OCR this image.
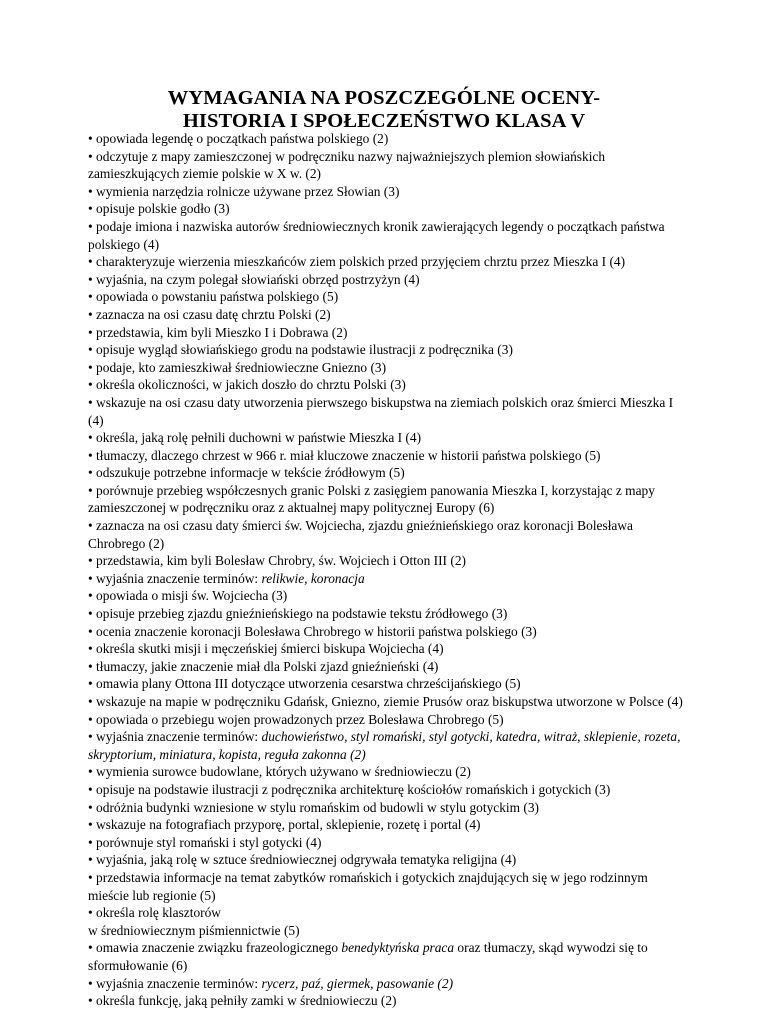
WYMAGANIA NA POSZCZEGÓLNE OCENY-
HISTORIA I SPOŁECZEŃSTWO KLASA V
• opowiada legendę o początkach państwa polskiego (2)
• odczytuje z mapy zamieszczonej w podręczniku nazwy najważniejszych plemion słowiańskich zamieszkujących ziemie polskie w X w. (2)
• wymienia narzędzia rolnicze używane przez Słowian (3)
• opisuje polskie godło (3)
• podaje imiona i nazwiska autorów średniowiecznych kronik zawierających legendy o początkach państwa polskiego (4)
• charakteryzuje wierzenia mieszkańców ziem polskich przed przyjęciem chrztu przez Mieszka I (4)
• wyjaśnia, na czym polegał słowiański obrzęd postrzyżyn (4)
• opowiada o powstaniu państwa polskiego (5)
• zaznacza na osi czasu datę chrztu Polski (2)
• przedstawia, kim byli Mieszko I i Dobrawa (2)
• opisuje wygląd słowiańskiego grodu na podstawie ilustracji z podręcznika (3)
• podaje, kto zamieszkiwał średniowieczne Gniezno (3)
• określa okoliczności, w jakich doszło do chrztu Polski (3)
• wskazuje na osi czasu daty utworzenia pierwszego biskupstwa na ziemiach polskich oraz śmierci Mieszka I (4)
• określa, jaką rolę pełnili duchowni w państwie Mieszka I (4)
• tłumaczy, dlaczego chrzest w 966 r. miał kluczowe znaczenie w historii państwa polskiego (5)
• odszukuje potrzebne informacje w tekście źródłowym (5)
• porównuje przebieg współczesnych granic Polski z zasięgiem panowania Mieszka I, korzystając z mapy zamieszczonej w podręczniku oraz z aktualnej mapy politycznej Europy (6)
• zaznacza na osi czasu daty śmierci św. Wojciecha, zjazdu gnieźnieńskiego oraz koronacji Bolesława Chrobrego (2)
• przedstawia, kim byli Bolesław Chrobry, św. Wojciech i Otton III (2)
• wyjaśnia znaczenie terminów: relikwie, koronacja
• opowiada o misji św. Wojciecha (3)
• opisuje przebieg zjazdu gnieźnieńskiego na podstawie tekstu źródłowego (3)
• ocenia znaczenie koronacji Bolesława Chrobrego w historii państwa polskiego (3)
• określa skutki misji i męczeńskiej śmierci biskupa Wojciecha (4)
• tłumaczy, jakie znaczenie miał dla Polski zjazd gnieźnieński (4)
• omawia plany Ottona III dotyczące utworzenia cesarstwa chrześcijańskiego (5)
• wskazuje na mapie w podręczniku Gdańsk, Gniezno, ziemie Prusów oraz biskupstwa utworzone w Polsce (4)
• opowiada o przebiegu wojen prowadzonych przez Bolesława Chrobrego (5)
• wyjaśnia znaczenie terminów: duchowieństwo, styl romański, styl gotycki, katedra, witraż, sklepienie, rozeta, skryptorium, miniatura, kopista, reguła zakonna (2)
• wymienia surowce budowlane, których używano w średniowieczu (2)
• opisuje na podstawie ilustracji z podręcznika architekturę kościołów romańskich i gotyckich (3)
• odróżnia budynki wzniesione w stylu romańskim od budowli w stylu gotyckim (3)
• wskazuje na fotografiach przyporę, portal, sklepienie, rozetę i portal (4)
• porównuje styl romański i styl gotycki (4)
• wyjaśnia, jaką rolę w sztuce średniowiecznej odgrywała tematyka religijna (4)
• przedstawia informacje na temat zabytków romańskich i gotyckich znajdujących się w jego rodzinnym mieście lub regionie (5)
• określa rolę klasztorów
w średniowiecznym piśmiennictwie (5)
• omawia znaczenie związku frazeologicznego benedyktyńska praca oraz tłumaczy, skąd wywodzi się to sformułowanie (6)
• wyjaśnia znaczenie terminów: rycerz, paź, giermek, pasowanie (2)
• określa funkcję, jaką pełniły zamki w średniowieczu (2)
